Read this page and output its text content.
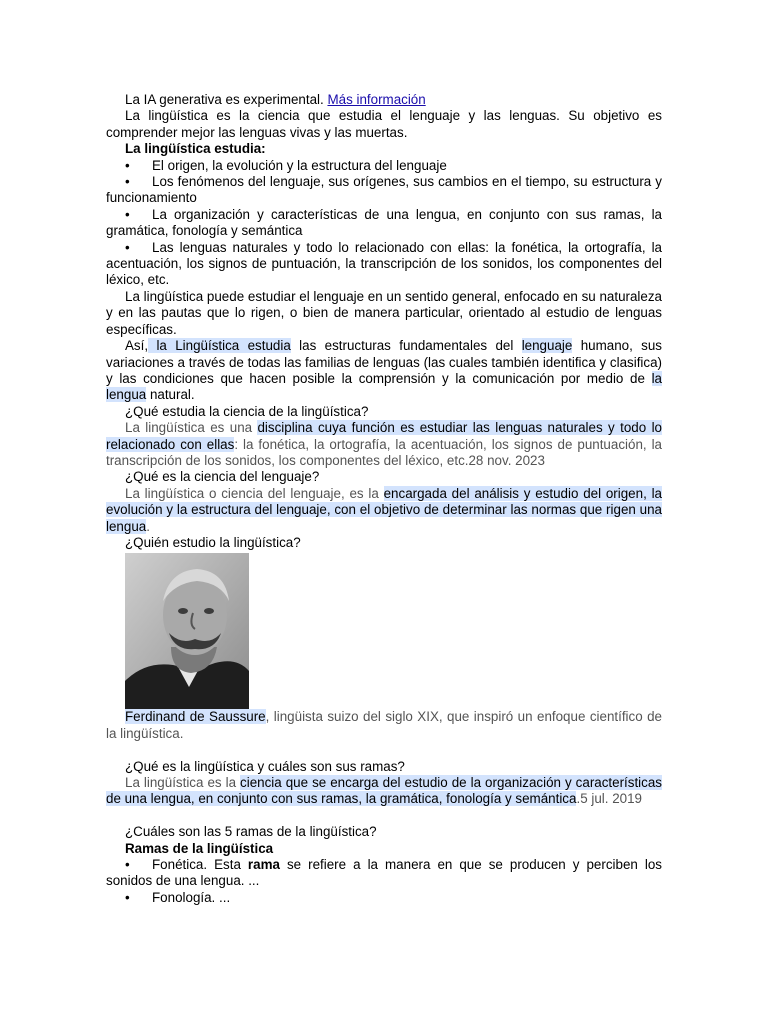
La IA generativa es experimental. Más información

La lingüística es la ciencia que estudia el lenguaje y las lenguas. Su objetivo es comprender mejor las lenguas vivas y las muertas.

La lingüística estudia:

• El origen, la evolución y la estructura del lenguaje
• Los fenómenos del lenguaje, sus orígenes, sus cambios en el tiempo, su estructura y funcionamiento
• La organización y características de una lengua, en conjunto con sus ramas, la gramática, fonología y semántica
• Las lenguas naturales y todo lo relacionado con ellas: la fonética, la ortografía, la acentuación, los signos de puntuación, la transcripción de los sonidos, los componentes del léxico, etc.

La lingüística puede estudiar el lenguaje en un sentido general, enfocado en su naturaleza y en las pautas que lo rigen, o bien de manera particular, orientado al estudio de lenguas específicas.

Así, la Lingüística estudia las estructuras fundamentales del lenguaje humano, sus variaciones a través de todas las familias de lenguas (las cuales también identifica y clasifica) y las condiciones que hacen posible la comprensión y la comunicación por medio de la lengua natural.

¿Qué estudia la ciencia de la lingüística?

La lingüística es una disciplina cuya función es estudiar las lenguas naturales y todo lo relacionado con ellas: la fonética, la ortografía, la acentuación, los signos de puntuación, la transcripción de los sonidos, los componentes del léxico, etc.28 nov. 2023

¿Qué es la ciencia del lenguaje?

La lingüística o ciencia del lenguaje, es la encargada del análisis y estudio del origen, la evolución y la estructura del lenguaje, con el objetivo de determinar las normas que rigen una lengua.

¿Quién estudio la lingüística?

Ferdinand de Saussure, lingüista suizo del siglo XIX, que inspiró un enfoque científico de la lingüística.

¿Qué es la lingüística y cuáles son sus ramas?

La lingüística es la ciencia que se encarga del estudio de la organización y características de una lengua, en conjunto con sus ramas, la gramática, fonología y semántica.5 jul. 2019

¿Cuáles son las 5 ramas de la lingüística?

Ramas de la lingüística

• Fonética. Esta rama se refiere a la manera en que se producen y perciben los sonidos de una lengua. ...
• Fonología. ...
